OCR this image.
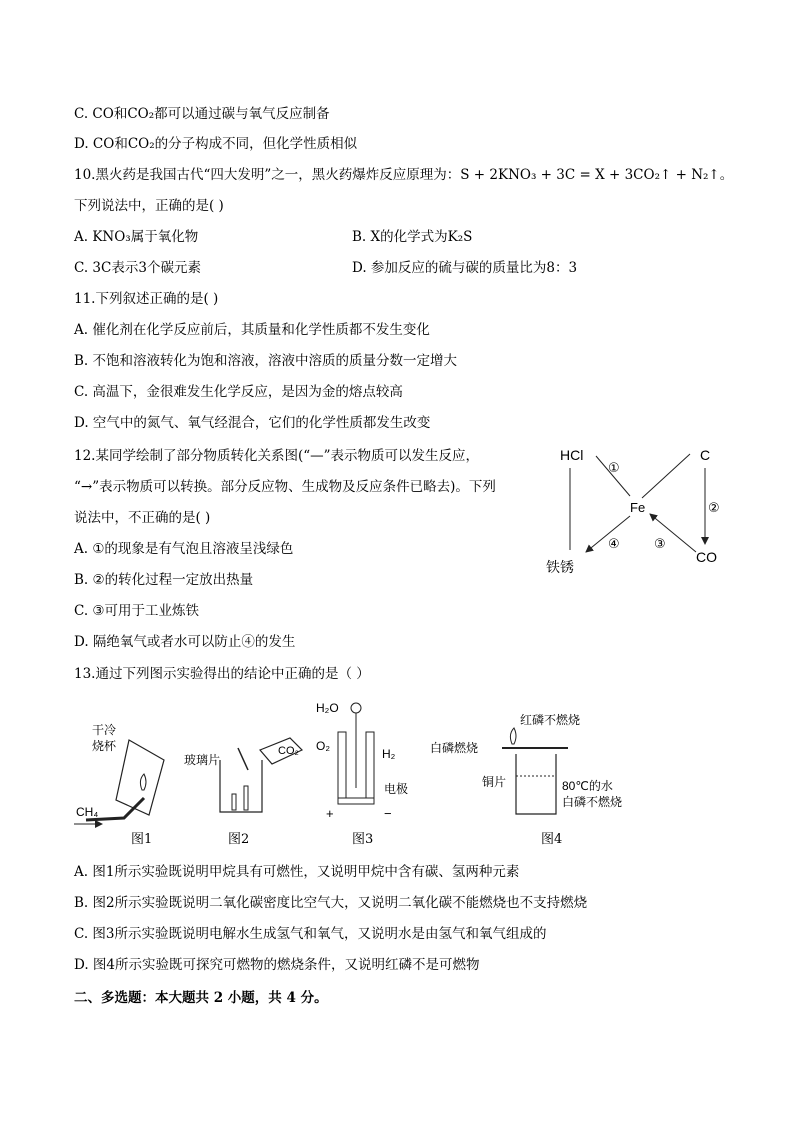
C. CO和CO₂都可以通过碳与氧气反应制备
D. CO和CO₂的分子构成不同，但化学性质相似
10.黑火药是我国古代“四大发明”之一，黑火药爆炸反应原理为：S + 2KNO₃ + 3C = X + 3CO₂↑ + N₂↑。
下列说法中，正确的是( )
A. KNO₃属于氧化物	B. X的化学式为K₂S
C. 3C表示3个碳元素	D. 参加反应的硫与碳的质量比为8：3
11.下列叙述正确的是( )
A. 催化剂在化学反应前后，其质量和化学性质都不发生变化
B. 不饱和溶液转化为饱和溶液，溶液中溶质的质量分数一定增大
C. 高温下，金很难发生化学反应，是因为金的熔点较高
D. 空气中的氮气、氧气经混合，它们的化学性质都发生改变
12.某同学绘制了部分物质转化关系图(“—”表示物质可以发生反应，
“→”表示物质可以转换。部分反应物、生成物及反应条件已略去)。下列
说法中，不正确的是( )
A. ①的现象是有气泡且溶液呈浅绿色
B. ②的转化过程一定放出热量
C. ③可用于工业炼铁
D. 隔绝氧气或者水可以防止④的发生
HCl	C
Fe
铁锈
CO
①
②
③
④
13.通过下列图示实验得出的结论中正确的是（ ）
干冷
烧杯
CH₄
图1
玻璃片
CO₂
图2
H₂O
O₂
H₂
电极
+	−
图3
红磷不燃烧
白磷燃烧
铜片	80℃的水
白磷不燃烧
图4
A. 图1所示实验既说明甲烷具有可燃性，又说明甲烷中含有碳、氢两种元素
B. 图2所示实验既说明二氧化碳密度比空气大，又说明二氧化碳不能燃烧也不支持燃烧
C. 图3所示实验既说明电解水生成氢气和氧气，又说明水是由氢气和氧气组成的
D. 图4所示实验既可探究可燃物的燃烧条件，又说明红磷不是可燃物
二、多选题：本大题共 2 小题，共 4 分。
